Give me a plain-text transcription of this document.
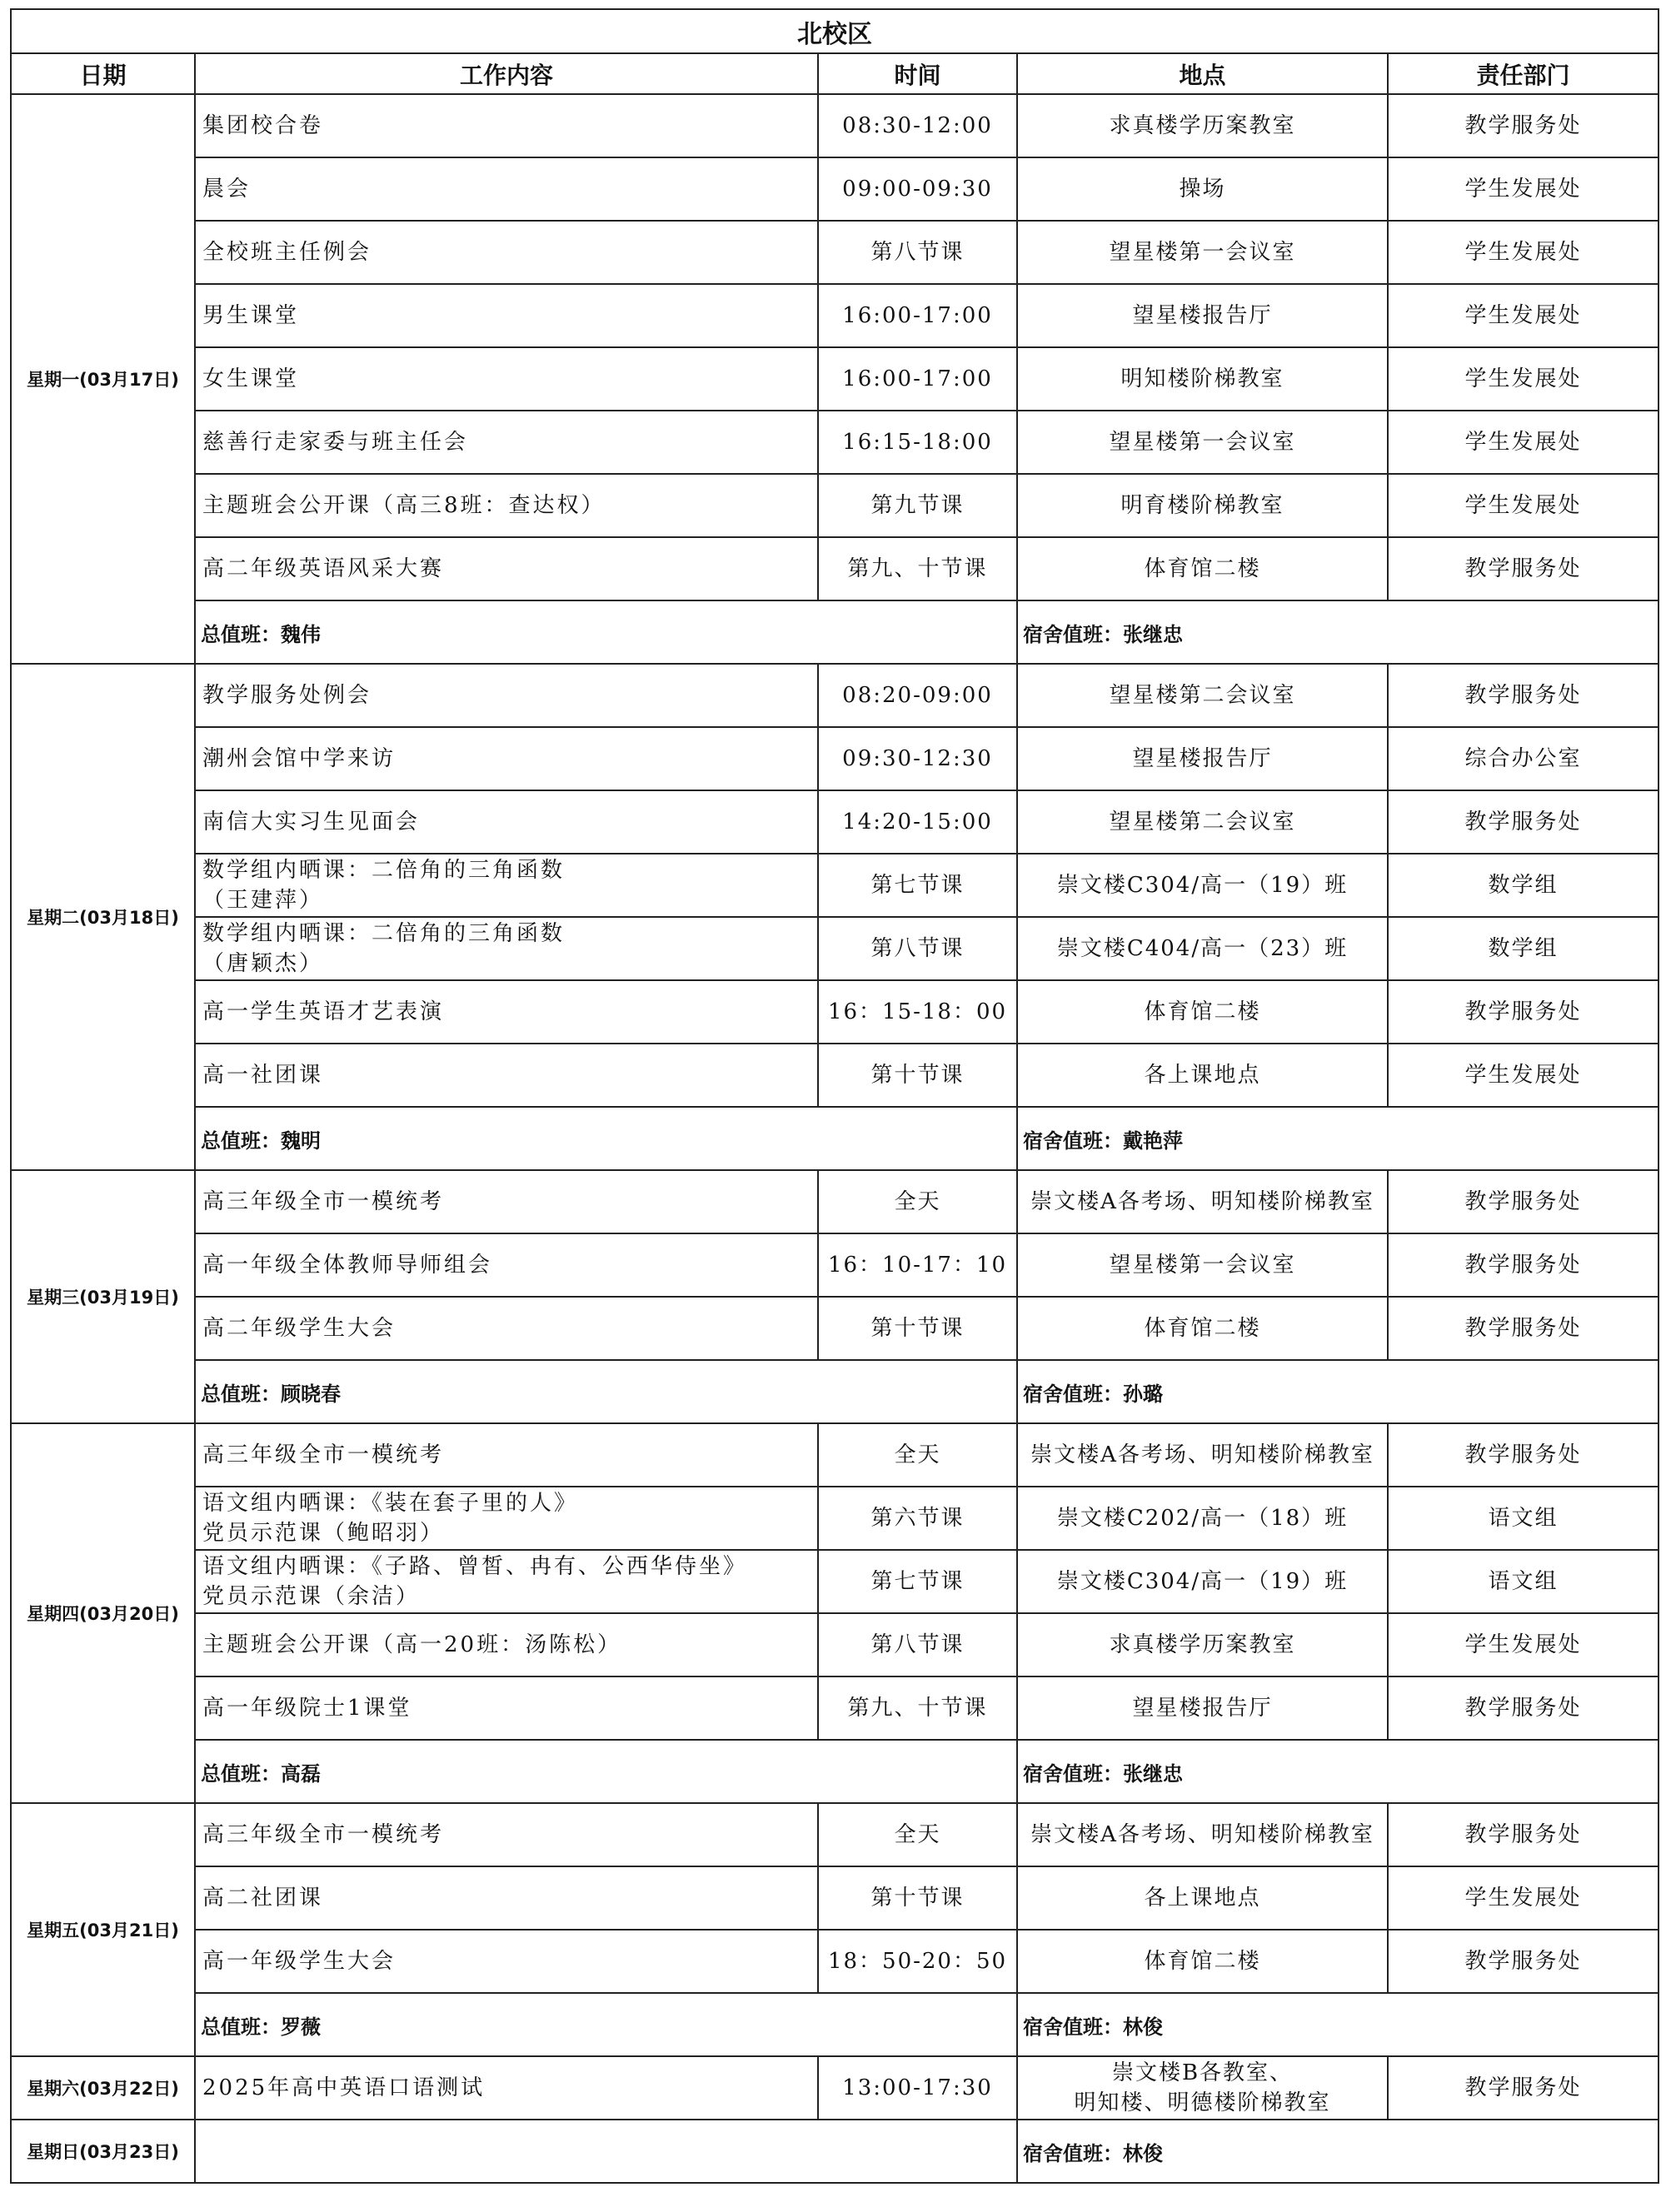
北校区				
日期	工作内容	时间	地点	责任部门
星期一(03月17日)	集团校合卷	08:30-12:00	求真楼学历案教室	教学服务处

	晨会	09:00-09:30	操场	学生发展处

	全校班主任例会	第八节课	望星楼第一会议室	学生发展处

	男生课堂	16:00-17:00	望星楼报告厅	学生发展处

	女生课堂	16:00-17:00	明知楼阶梯教室	学生发展处

	慈善行走家委与班主任会	16:15-18:00	望星楼第一会议室	学生发展处

	主题班会公开课（高三8班：查达权）	第九节课	明育楼阶梯教室	学生发展处

	高二年级英语风采大赛	第九、十节课	体育馆二楼	教学服务处
	总值班：魏伟		宿舍值班：张继忠	
星期二(03月18日)	教学服务处例会	08:20-09:00	望星楼第二会议室	教学服务处

	潮州会馆中学来访	09:30-12:30	望星楼报告厅	综合办公室

	南信大实习生见面会	14:20-15:00	望星楼第二会议室	教学服务处

	数学组内晒课：二倍角的三角函数
（王建萍）	第七节课	崇文楼C304/高一（19）班	数学组

	数学组内晒课：二倍角的三角函数
（唐颖杰）	第八节课	崇文楼C404/高一（23）班	数学组

	高一学生英语才艺表演	16：15-18：00	体育馆二楼	教学服务处

	高一社团课	第十节课	各上课地点	学生发展处
	总值班：魏明		宿舍值班：戴艳萍	
星期三(03月19日)	高三年级全市一模统考	全天	崇文楼A各考场、明知楼阶梯教室	教学服务处

	高一年级全体教师导师组会	16：10-17：10	望星楼第一会议室	教学服务处

	高二年级学生大会	第十节课	体育馆二楼	教学服务处
	总值班：顾晓春		宿舍值班：孙璐	
星期四(03月20日)	高三年级全市一模统考	全天	崇文楼A各考场、明知楼阶梯教室	教学服务处

	语文组内晒课：《装在套子里的人》
党员示范课（鲍昭羽）	第六节课	崇文楼C202/高一（18）班	语文组

	语文组内晒课：《子路、曾皙、冉有、公西华侍坐》
党员示范课（余洁）	第七节课	崇文楼C304/高一（19）班	语文组

	主题班会公开课（高一20班：汤陈松）	第八节课	求真楼学历案教室	学生发展处

	高一年级院士1课堂	第九、十节课	望星楼报告厅	教学服务处
	总值班：高磊		宿舍值班：张继忠	
星期五(03月21日)	高三年级全市一模统考	全天	崇文楼A各考场、明知楼阶梯教室	教学服务处

	高二社团课	第十节课	各上课地点	学生发展处

	高一年级学生大会	18：50-20：50	体育馆二楼	教学服务处
	总值班：罗薇		宿舍值班：林俊	
星期六(03月22日)	2025年高中英语口语测试	13:00-17:30	崇文楼B各教室、
明知楼、明德楼阶梯教室	教学服务处
星期日(03月23日)			宿舍值班：林俊	
